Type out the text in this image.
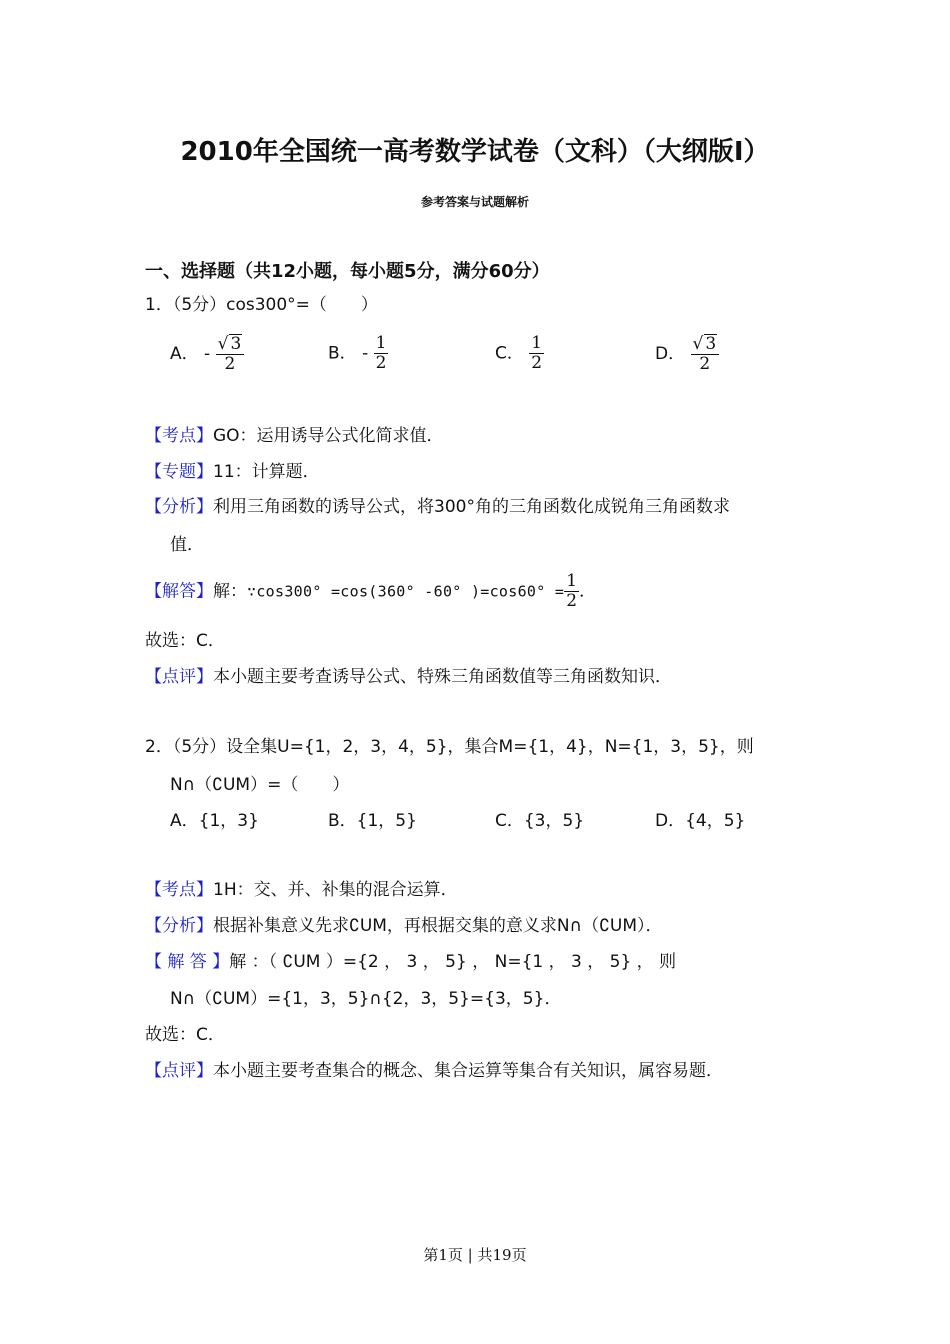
2010年全国统一高考数学试卷（文科）（大纲版Ⅰ）
参考答案与试题解析
一、选择题（共12小题，每小题5分，满分60分）
1．（5分）cos300°=（　　）
A． - $\frac{√ 3}{2}$	B． - $\frac{1}{2}$	C． $\frac{1}{2}$	D． $\frac{√ 3}{2}$
【考点】GO：运用诱导公式化简求值．
【专题】11：计算题．
【分析】利用三角函数的诱导公式，将300°角的三角函数化成锐角三角函数求
值．
【解答】解：∵cos300° =cos(360° -60° )$=\cos 60^\circ = \frac{1}{2}$ ．
故选：C．
【点评】本小题主要考查诱导公式、特殊三角函数值等三角函数知识．
2．（5分）设全集U={1，2，3，4，5}，集合M={1，4}，N={1，3，5}，则
N∩（∁UM）=（　　）
A．{1，3}	B．{1，5}	C．{3，5}	D．{4，5}
【考点】1H：交、并、补集的混合运算．
【分析】根据补集意义先求∁UM，再根据交集的意义求N∩（∁UM）．
【 解 答 】解 ：（ ∁UM ）={2 ， 3 ， 5} ， N={1 ， 3 ， 5} ， 则
N∩（∁UM）={1，3，5}∩{2，3，5}={3，5}．
故选：C．
【点评】本小题主要考查集合的概念、集合运算等集合有关知识，属容易题．
第1页 | 共19页
